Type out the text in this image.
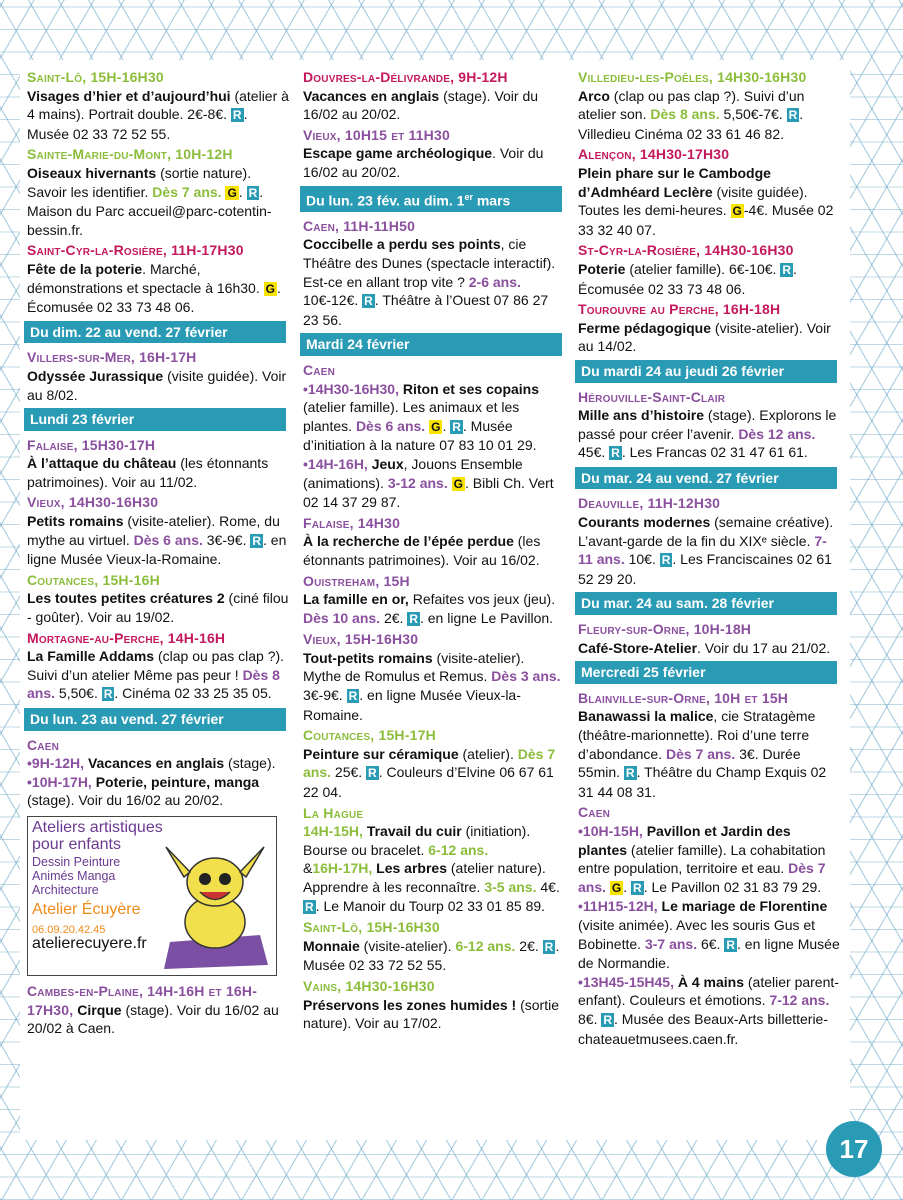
Saint-Lô, 15H-16H30
Visages d’hier et d’aujourd’hui (atelier à 4 mains). Portrait double. 2€-8€. R . Musée 02 33 72 52 55.
Sainte-Marie-du-Mont, 10H-12H
Oiseaux hivernants (sortie nature). Savoir les identifier. Dès 7 ans. G . R . Maison du Parc accueil@parc-cotentin-bessin.fr.
Saint-Cyr-la-Rosière, 11H-17H30
Fête de la poterie. Marché, démonstrations et spectacle à 16h30. G . Écomusée 02 33 73 48 06.
Du dim. 22 au vend. 27 février
Villers-sur-Mer, 16H-17H
Odyssée Jurassique (visite guidée). Voir au 8/02.
Lundi 23 février
Falaise, 15H30-17H
À l’attaque du château (les étonnants patrimoines). Voir au 11/02.
Vieux, 14H30-16H30
Petits romains (visite-atelier). Rome, du mythe au virtuel. Dès 6 ans. 3€-9€. R . en ligne Musée Vieux-la-Romaine.
Coutances, 15H-16H
Les toutes petites créatures 2 (ciné filou - goûter). Voir au 19/02.
Mortagne-au-Perche, 14H-16H
La Famille Addams (clap ou pas clap ?). Suivi d’un atelier Même pas peur ! Dès 8 ans. 5,50€. R . Cinéma 02 33 25 35 05.
Du lun. 23 au vend. 27 février
Caen
•9H-12H, Vacances en anglais (stage).
•10H-17H, Poterie, peinture, manga (stage). Voir du 16/02 au 20/02.
Ateliers artistiques
pour enfants
Dessin Peinture
Animés Manga
Architecture
Atelier Écuyère
06.09.20.42.45
atelierecuyere.fr
Cambes-en-Plaine, 14H-16H et 16H-17H30, Cirque (stage). Voir du 16/02 au 20/02 à Caen.
Douvres-la-Délivrande, 9H-12H
Vacances en anglais (stage). Voir du 16/02 au 20/02.
Vieux, 10H15 et 11H30
Escape game archéologique. Voir du 16/02 au 20/02.
Du lun. 23 fév. au dim. 1er mars
Caen, 11H-11H50
Coccibelle a perdu ses points, cie Théâtre des Dunes (spectacle interactif). Est-ce en allant trop vite ? 2-6 ans. 10€-12€. R . Théâtre à l’Ouest 07 86 27 23 56.
Mardi 24 février
Caen
•14H30-16H30, Riton et ses copains (atelier famille). Les animaux et les plantes. Dès 6 ans. G . R . Musée d’initiation à la nature 07 83 10 01 29.
•14H-16H, Jeux, Jouons Ensemble (animations). 3-12 ans. G . Bibli Ch. Vert 02 14 37 29 87.
Falaise, 14H30
À la recherche de l’épée perdue (les étonnants patrimoines). Voir au 16/02.
Ouistreham, 15H
La famille en or, Refaites vos jeux (jeu). Dès 10 ans. 2€. R . en ligne Le Pavillon.
Vieux, 15H-16H30
Tout-petits romains (visite-atelier). Mythe de Romulus et Remus. Dès 3 ans. 3€-9€. R . en ligne Musée Vieux-la-Romaine.
Coutances, 15H-17H
Peinture sur céramique (atelier). Dès 7 ans. 25€. R . Couleurs d’Elvine 06 67 61 22 04.
La Hague
14H-15H, Travail du cuir (initiation). Bourse ou bracelet. 6-12 ans.
&16H-17H, Les arbres (atelier nature). Apprendre à les reconnaître. 3-5 ans. 4€. R . Le Manoir du Tourp 02 33 01 85 89.
Saint-Lô, 15H-16H30
Monnaie (visite-atelier). 6-12 ans. 2€. R . Musée 02 33 72 52 55.
Vains, 14H30-16H30
Préservons les zones humides ! (sortie nature). Voir au 17/02.
Villedieu-les-Poêles, 14H30-16H30
Arco (clap ou pas clap ?). Suivi d’un atelier son. Dès 8 ans. 5,50€-7€. R . Villedieu Cinéma 02 33 61 46 82.
Alençon, 14H30-17H30
Plein phare sur le Cambodge d’Admhéard Leclère (visite guidée). Toutes les demi-heures. G -4€. Musée 02 33 32 40 07.
St-Cyr-la-Rosière, 14H30-16H30
Poterie (atelier famille). 6€-10€. R . Écomusée 02 33 73 48 06.
Tourouvre au Perche, 16H-18H
Ferme pédagogique (visite-atelier). Voir au 14/02.
Du mardi 24 au jeudi 26 février
Hérouville-Saint-Clair
Mille ans d’histoire (stage). Explorons le passé pour créer l’avenir. Dès 12 ans. 45€. R . Les Francas 02 31 47 61 61.
Du mar. 24 au vend. 27 février
Deauville, 11H-12H30
Courants modernes (semaine créative). L’avant-garde de la fin du XIXᵉ siècle. 7-11 ans. 10€. R . Les Franciscaines 02 61 52 29 20.
Du mar. 24 au sam. 28 février
Fleury-sur-Orne, 10H-18H
Café-Store-Atelier. Voir du 17 au 21/02.
Mercredi 25 février
Blainville-sur-Orne, 10H et 15H
Banawassi la malice, cie Stratagème (théâtre-marionnette). Roi d’une terre d’abondance. Dès 7 ans. 3€. Durée 55min. R . Théâtre du Champ Exquis 02 31 44 08 31.
Caen
•10H-15H, Pavillon et Jardin des plantes (atelier famille). La cohabitation entre population, territoire et eau. Dès 7 ans. G . R . Le Pavillon 02 31 83 79 29.
•11H15-12H, Le mariage de Florentine (visite animée). Avec les souris Gus et Bobinette. 3-7 ans. 6€. R . en ligne Musée de Normandie.
•13H45-15H45, À 4 mains (atelier parent-enfant). Couleurs et émotions. 7-12 ans. 8€. R . Musée des Beaux-Arts billetterie-chateauetmusees.caen.fr.
17
